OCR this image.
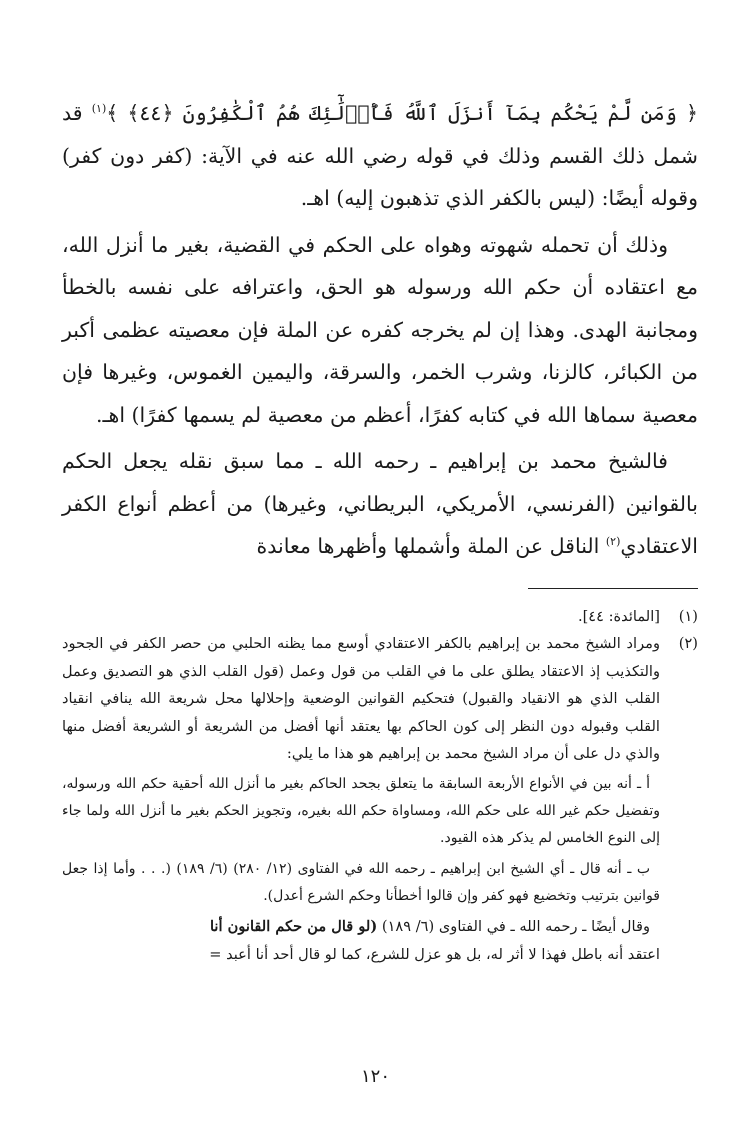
﴿ وَمَن لَّمْ يَحْكُم بِمَآ أَنزَلَ ٱللَّهُ فَأُو۟لَٰٓئِكَ هُمُ ٱلْكَٰفِرُونَ ﴿٤٤﴾ ﴾$^{(١)}$ قد شمل ذلك القسم وذلك في قوله رضي الله عنه في الآية: (كفر دون كفر) وقوله أيضًا: (ليس بالكفر الذي تذهبون إليه) اهـ.

وذلك أن تحمله شهوته وهواه على الحكم في القضية، بغير ما أنزل الله، مع اعتقاده أن حكم الله ورسوله هو الحق، واعترافه على نفسه بالخطأ ومجانبة الهدى. وهذا إن لم يخرجه كفره عن الملة فإن معصيته عظمى أكبر من الكبائر، كالزنا، وشرب الخمر، والسرقة، واليمين الغموس، وغيرها فإن معصية سماها الله في كتابه كفرًا، أعظم من معصية لم يسمها كفرًا) اهـ.

فالشيخ محمد بن إبراهيم ـ رحمه الله ـ مما سبق نقله يجعل الحكم بالقوانين (الفرنسي، الأمريكي، البريطاني، وغيرها) من أعظم أنواع الكفر الاعتقادي$^{(٢)}$ الناقل عن الملة وأشملها وأظهرها معاندة

(١)

[المائدة: ٤٤].

(٢)

ومراد الشيخ محمد بن إبراهيم بالكفر الاعتقادي أوسع مما يظنه الحلبي من حصر الكفر في الجحود والتكذيب إذ الاعتقاد يطلق على ما في القلب من قول وعمل (قول القلب الذي هو التصديق وعمل القلب الذي هو الانقياد والقبول) فتحكيم القوانين الوضعية وإحلالها محل شريعة الله ينافي انقياد القلب وقبوله دون النظر إلى كون الحاكم بها يعتقد أنها أفضل من الشريعة أو الشريعة أفضل منها والذي دل على أن مراد الشيخ محمد بن إبراهيم هو هذا ما يلي:

أ ـ أنه بين في الأنواع الأربعة السابقة ما يتعلق بجحد الحاكم بغير ما أنزل الله أحقية حكم الله ورسوله، وتفضيل حكم غير الله على حكم الله، ومساواة حكم الله بغيره، وتجويز الحكم بغير ما أنزل الله ولما جاء إلى النوع الخامس لم يذكر هذه القيود.

ب ـ أنه قال ـ أي الشيخ ابن إبراهيم ـ رحمه الله في الفتاوى (١٢/ ٢٨٠) (٦/ ١٨٩) (. . . وأما إذا جعل قوانين بترتيب وتخضيع فهو كفر وإن قالوا أخطأنا وحكم الشرع أعدل).

وقال أيضًا ـ رحمه الله ـ في الفتاوى (٦/ ١٨٩) (لو قال من حكم القانون أنا
اعتقد أنه باطل فهذا لا أثر له، بل هو عزل للشرع، كما لو قال أحد أنا أعبد =

١٢٠
